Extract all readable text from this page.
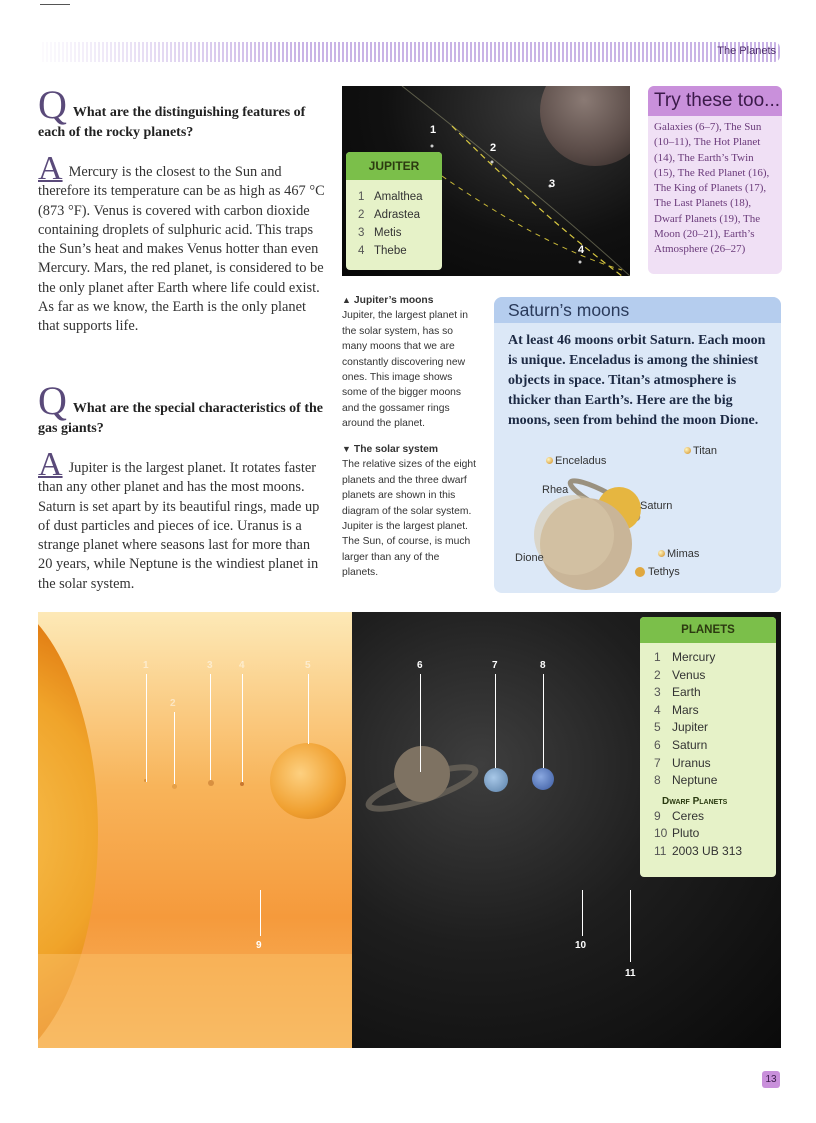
The Planets

Q What are the distinguishing features of each of the rocky planets?

A Mercury is the closest to the Sun and therefore its temperature can be as high as 467 °C (873 °F). Venus is covered with carbon dioxide containing droplets of sulphuric acid. This traps the Sun’s heat and makes Venus hotter than even Mercury. Mars, the red planet, is considered to be the only planet after Earth where life could exist. As far as we know, the Earth is the only planet that supports life.

Q What are the special characteristics of the gas giants?

A Jupiter is the largest planet. It rotates faster than any other planet and has the most moons. Saturn is set apart by its beautiful rings, made up of dust particles and pieces of ice. Uranus is a strange planet where seasons last for more than 20 years, while Neptune is the windiest planet in the solar system.

1
2
3
4
JUPITER
1 Amalthea
2 Adrastea
3 Metis
4 Thebe
Try these too...

Galaxies (6–7), The Sun (10–11), The Hot Planet (14), The Earth’s Twin (15), The Red Planet (16), The King of Planets (17), The Last Planets (18), Dwarf Planets (19), The Moon (20–21), Earth’s Atmosphere (26–27)

▲ Jupiter’s moons
Jupiter, the largest planet in the solar system, has so many moons that we are constantly discovering new ones. This image shows some of the bigger moons and the gossamer rings around the planet.
▼ The solar system
The relative sizes of the eight planets and the three dwarf planets are shown in this diagram of the solar system. Jupiter is the largest planet. The Sun, of course, is much larger than any of the planets.
Saturn’s moons

At least 46 moons orbit Saturn. Each moon is unique. Enceladus is among the shiniest objects in space. Titan’s atmosphere is thicker than Earth’s. Here are the big moons, seen from behind the moon Dione.

Titan
Enceladus
Rhea
Saturn
Dione	Mimas
Tethys
1
2
3	4	5	6	7	8
9	10
11
PLANETS
1 Mercury
2 Venus
3 Earth
4 Mars
5 Jupiter
6 Saturn
7 Uranus
8 Neptune
Dwarf Planets
9 Ceres
10 Pluto
11 2003 UB 313
13
